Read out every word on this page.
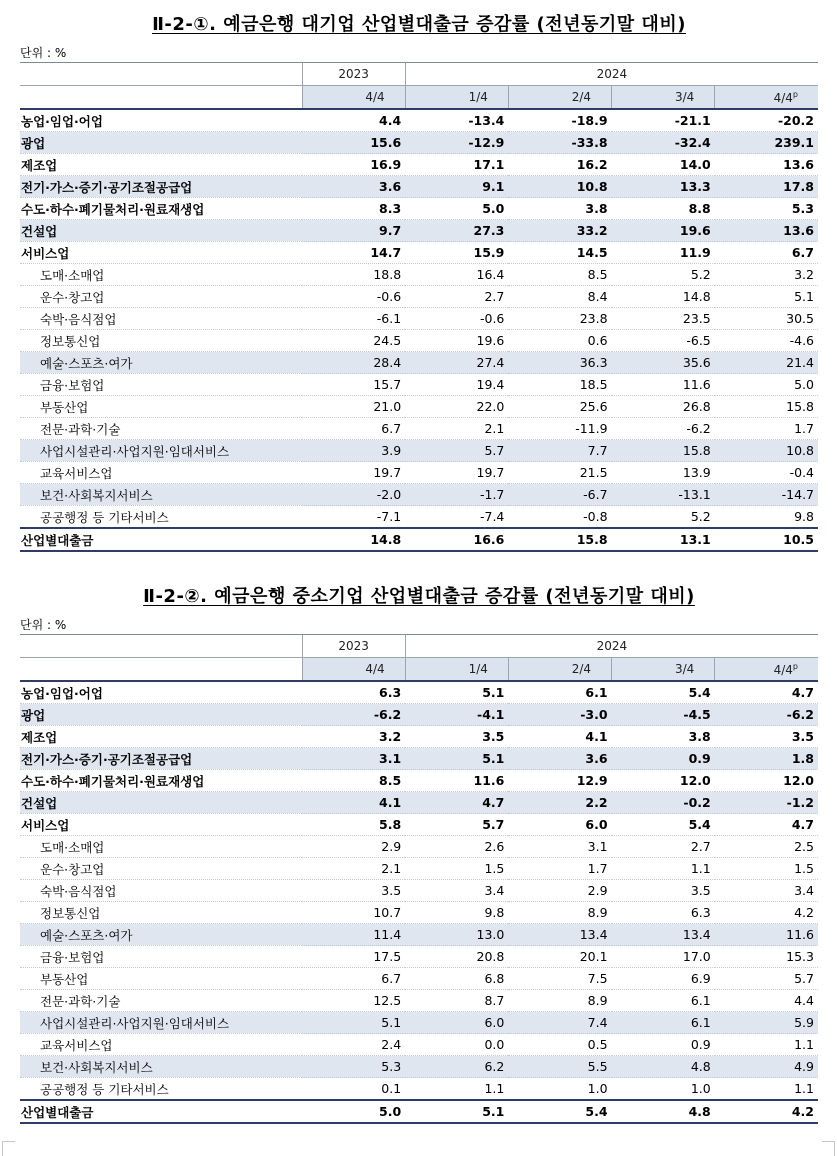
Ⅱ-2-①. 예금은행 대기업 산업별대출금 증감률 (전년동기말 대비)
단위 : %
	2023	2024			
	4/4	1/4	2/4	3/4	4/4$^p$
농업·임업·어업	4.4	-13.4	-18.9	-21.1	-20.2
광업	15.6	-12.9	-33.8	-32.4	239.1
제조업	16.9	17.1	16.2	14.0	13.6
전기·가스·증기·공기조절공급업	3.6	9.1	10.8	13.3	17.8
수도·하수·폐기물처리·원료재생업	8.3	5.0	3.8	8.8	5.3
건설업	9.7	27.3	33.2	19.6	13.6
서비스업	14.7	15.9	14.5	11.9	6.7
도매·소매업	18.8	16.4	8.5	5.2	3.2
운수·창고업	-0.6	2.7	8.4	14.8	5.1
숙박·음식점업	-6.1	-0.6	23.8	23.5	30.5
정보통신업	24.5	19.6	0.6	-6.5	-4.6
예술·스포츠·여가	28.4	27.4	36.3	35.6	21.4
금융·보험업	15.7	19.4	18.5	11.6	5.0
부동산업	21.0	22.0	25.6	26.8	15.8
전문·과학·기술	6.7	2.1	-11.9	-6.2	1.7
사업시설관리·사업지원·임대서비스	3.9	5.7	7.7	15.8	10.8
교육서비스업	19.7	19.7	21.5	13.9	-0.4
보건·사회복지서비스	-2.0	-1.7	-6.7	-13.1	-14.7
공공행정 등 기타서비스	-7.1	-7.4	-0.8	5.2	9.8
산업별대출금	14.8	16.6	15.8	13.1	10.5
Ⅱ-2-②. 예금은행 중소기업 산업별대출금 증감률 (전년동기말 대비)
단위 : %
	2023	2024			
	4/4	1/4	2/4	3/4	4/4$^p$
농업·임업·어업	6.3	5.1	6.1	5.4	4.7
광업	-6.2	-4.1	-3.0	-4.5	-6.2
제조업	3.2	3.5	4.1	3.8	3.5
전기·가스·증기·공기조절공급업	3.1	5.1	3.6	0.9	1.8
수도·하수·폐기물처리·원료재생업	8.5	11.6	12.9	12.0	12.0
건설업	4.1	4.7	2.2	-0.2	-1.2
서비스업	5.8	5.7	6.0	5.4	4.7
도매·소매업	2.9	2.6	3.1	2.7	2.5
운수·창고업	2.1	1.5	1.7	1.1	1.5
숙박·음식점업	3.5	3.4	2.9	3.5	3.4
정보통신업	10.7	9.8	8.9	6.3	4.2
예술·스포츠·여가	11.4	13.0	13.4	13.4	11.6
금융·보험업	17.5	20.8	20.1	17.0	15.3
부동산업	6.7	6.8	7.5	6.9	5.7
전문·과학·기술	12.5	8.7	8.9	6.1	4.4
사업시설관리·사업지원·임대서비스	5.1	6.0	7.4	6.1	5.9
교육서비스업	2.4	0.0	0.5	0.9	1.1
보건·사회복지서비스	5.3	6.2	5.5	4.8	4.9
공공행정 등 기타서비스	0.1	1.1	1.0	1.0	1.1
산업별대출금	5.0	5.1	5.4	4.8	4.2
